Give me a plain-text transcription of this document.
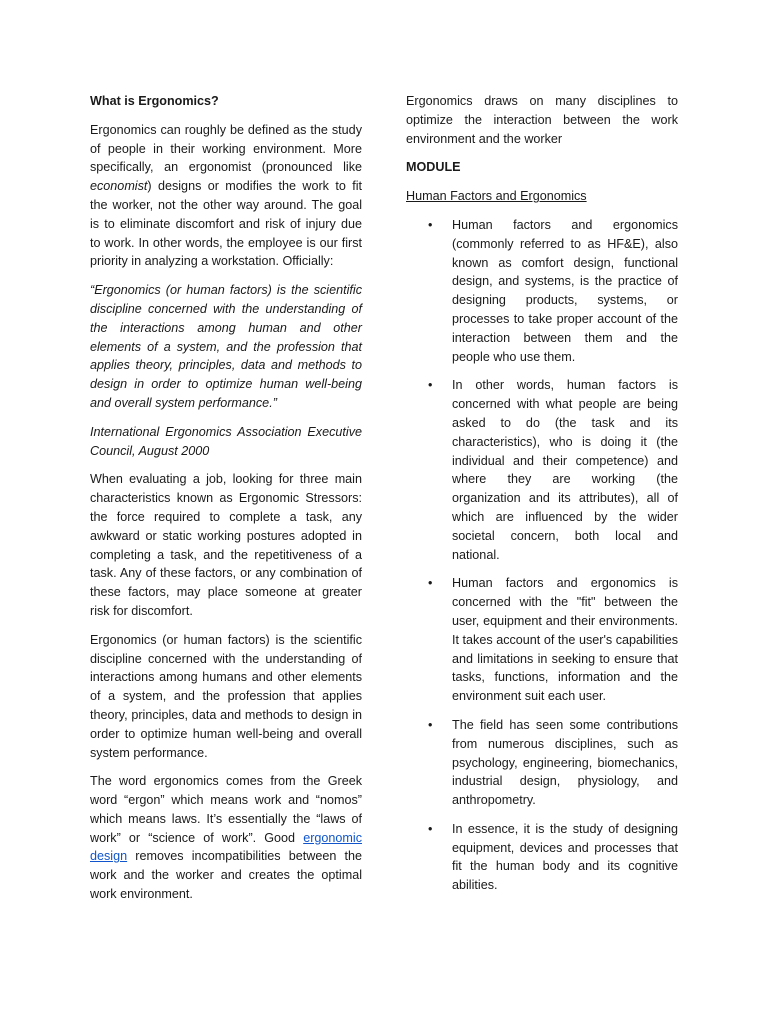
What is Ergonomics?

Ergonomics can roughly be defined as the study of people in their working environment. More specifically, an ergonomist (pronounced like economist) designs or modifies the work to fit the worker, not the other way around. The goal is to eliminate discomfort and risk of injury due to work. In other words, the employee is our first priority in analyzing a workstation. Officially:

“Ergonomics (or human factors) is the scientific discipline concerned with the understanding of the interactions among human and other elements of a system, and the profession that applies theory, principles, data and methods to design in order to optimize human well-being and overall system performance.”

International Ergonomics Association Executive Council, August 2000

When evaluating a job, looking for three main characteristics known as Ergonomic Stressors: the force required to complete a task, any awkward or static working postures adopted in completing a task, and the repetitiveness of a task. Any of these factors, or any combination of these factors, may place someone at greater risk for discomfort.

Ergonomics (or human factors) is the scientific discipline concerned with the understanding of interactions among humans and other elements of a system, and the profession that applies theory, principles, data and methods to design in order to optimize human well-being and overall system performance.

The word ergonomics comes from the Greek word “ergon” which means work and “nomos” which means laws. It’s essentially the “laws of work” or “science of work”. Good ergonomic design removes incompatibilities between the work and the worker and creates the optimal work environment.

Ergonomics draws on many disciplines to optimize the interaction between the work environment and the worker

MODULE

Human Factors and Ergonomics

• Human factors and ergonomics (commonly referred to as HF&E), also known as comfort design, functional design, and systems, is the practice of designing products, systems, or processes to take proper account of the interaction between them and the people who use them.
• In other words, human factors is concerned with what people are being asked to do (the task and its characteristics), who is doing it (the individual and their competence) and where they are working (the organization and its attributes), all of which are influenced by the wider societal concern, both local and national.
• Human factors and ergonomics is concerned with the "fit" between the user, equipment and their environments. It takes account of the user's capabilities and limitations in seeking to ensure that tasks, functions, information and the environment suit each user.
• The field has seen some contributions from numerous disciplines, such as psychology, engineering, biomechanics, industrial design, physiology, and anthropometry.
• In essence, it is the study of designing equipment, devices and processes that fit the human body and its cognitive abilities.
